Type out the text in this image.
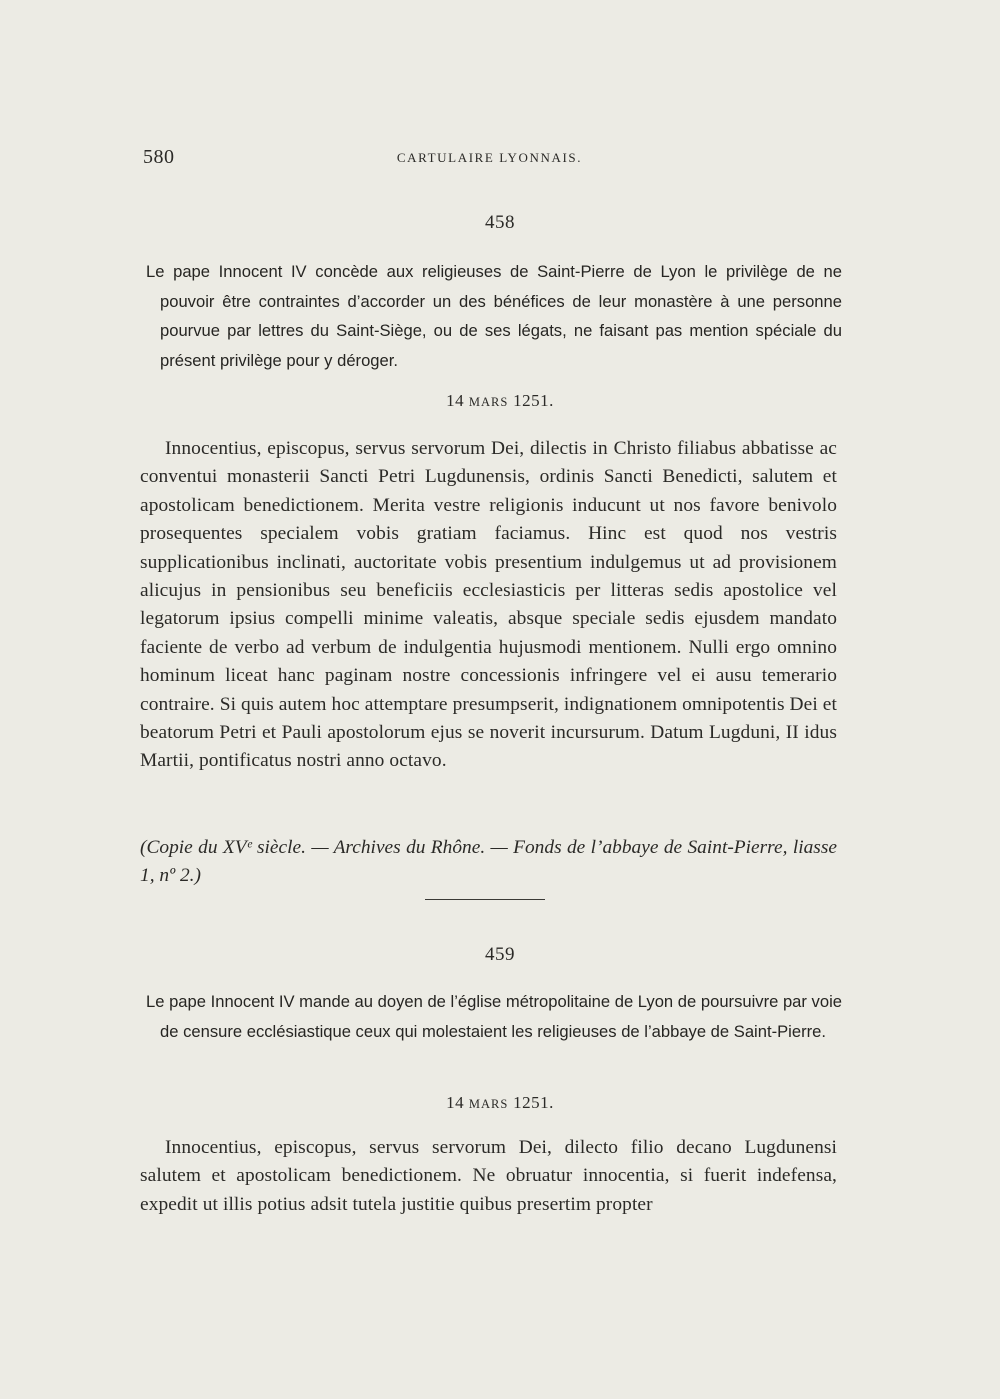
580	CARTULAIRE LYONNAIS.
458
Le pape Innocent IV concède aux religieuses de Saint-Pierre de Lyon le privilège de ne pouvoir être contraintes d’accorder un des bénéfices de leur monastère à une personne pourvue par lettres du Saint-Siège, ou de ses légats, ne faisant pas mention spéciale du présent privilège pour y déroger.
14 MARS 1251.
Innocentius, episcopus, servus servorum Dei, dilectis in Christo filiabus abbatisse ac conventui monasterii Sancti Petri Lugdunensis, ordinis Sancti Benedicti, salutem et apostolicam benedictionem. Merita vestre religionis inducunt ut nos favore benivolo prosequentes specialem vobis gratiam faciamus. Hinc est quod nos vestris supplicationibus inclinati, auctoritate vobis presentium indulgemus ut ad provisionem alicujus in pensionibus seu beneficiis ecclesiasticis per litteras sedis apostolice vel legatorum ipsius compelli minime valeatis, absque speciale sedis ejusdem mandato faciente de verbo ad verbum de indulgentia hujusmodi mentionem. Nulli ergo omnino hominum liceat hanc paginam nostre concessionis infringere vel ei ausu temerario contraire. Si quis autem hoc attemptare presumpserit, indignationem omnipotentis Dei et beatorum Petri et Pauli apostolorum ejus se noverit incursurum. Datum Lugduni, II idus Martii, pontificatus nostri anno octavo.
(Copie du XVᵉ siècle. — Archives du Rhône. — Fonds de l’abbaye de Saint-Pierre, liasse 1, nº 2.)
459
Le pape Innocent IV mande au doyen de l’église métropolitaine de Lyon de poursuivre par voie de censure ecclésiastique ceux qui molestaient les religieuses de l’abbaye de Saint-Pierre.
14 MARS 1251.
Innocentius, episcopus, servus servorum Dei, dilecto filio decano Lugdunensi salutem et apostolicam benedictionem. Ne obruatur innocentia, si fuerit indefensa, expedit ut illis potius adsit tutela justitie quibus presertim propter
